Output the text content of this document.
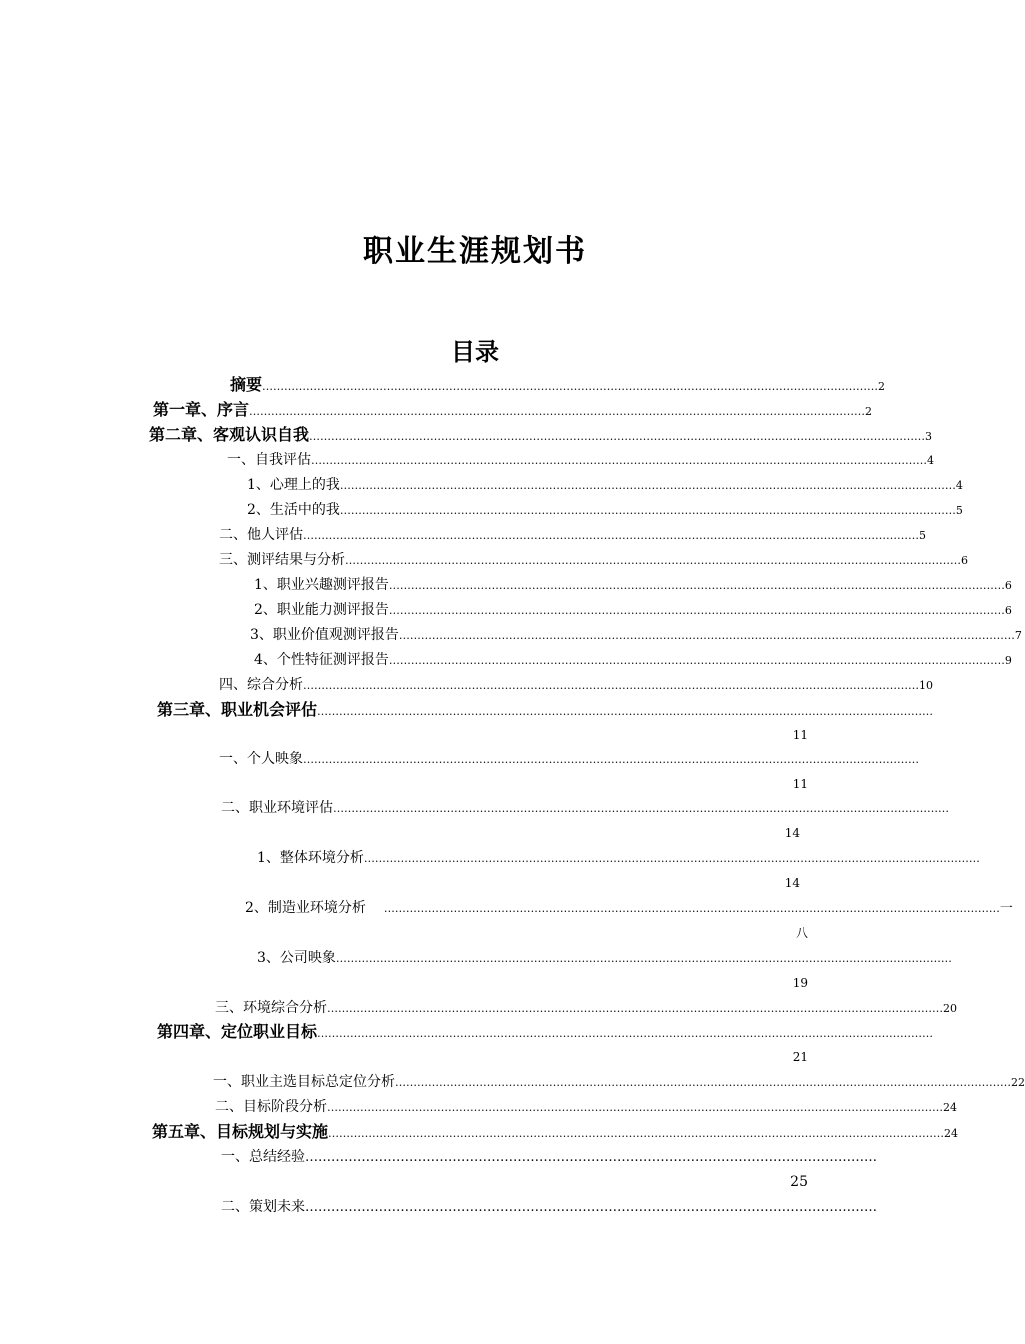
职业生涯规划书
目录
摘要 …………………………………………………………………………………………………………………………………………………… 2
第一章、序言 …………………………………………………………………………………………………………………………………………………… 2
第二章、客观认识自我 …………………………………………………………………………………………………………………………………………………… 3
一、自我评估 …………………………………………………………………………………………………………………………………………………… 4
1、心理上的我 …………………………………………………………………………………………………………………………………………………… 4
2、生活中的我 …………………………………………………………………………………………………………………………………………………… 5
二、他人评估 …………………………………………………………………………………………………………………………………………………… 5
三、测评结果与分析 …………………………………………………………………………………………………………………………………………………… 6
1、职业兴趣测评报告 …………………………………………………………………………………………………………………………………………………… 6
2、职业能力测评报告 …………………………………………………………………………………………………………………………………………………… 6
3、职业价值观测评报告 …………………………………………………………………………………………………………………………………………………… 7
4、个性特征测评报告 …………………………………………………………………………………………………………………………………………………… 9
四、综合分析 …………………………………………………………………………………………………………………………………………………… 10
第三章、职业机会评估 ……………………………………………………………………………………………………………………………………………………
11
一、个人映象 ……………………………………………………………………………………………………………………………………………………
11
二、职业环境评估 ……………………………………………………………………………………………………………………………………………………
14
1、整体环境分析 ……………………………………………………………………………………………………………………………………………………
14
2、制造业环境分析	…………………………………………………………………………………………………………………………………………………… 一
八
3、公司映象 ……………………………………………………………………………………………………………………………………………………
19
三、环境综合分析 …………………………………………………………………………………………………………………………………………………… 20
第四章、定位职业目标 ……………………………………………………………………………………………………………………………………………………
21
一、职业主选目标总定位分析 …………………………………………………………………………………………………………………………………………………… 22
二、目标阶段分析 …………………………………………………………………………………………………………………………………………………… 24
第五章、目标规划与实施 …………………………………………………………………………………………………………………………………………………… 24
一、总结经验 ……………………………………………………………………………………………………………………
25
二、策划未来 ……………………………………………………………………………………………………………………
